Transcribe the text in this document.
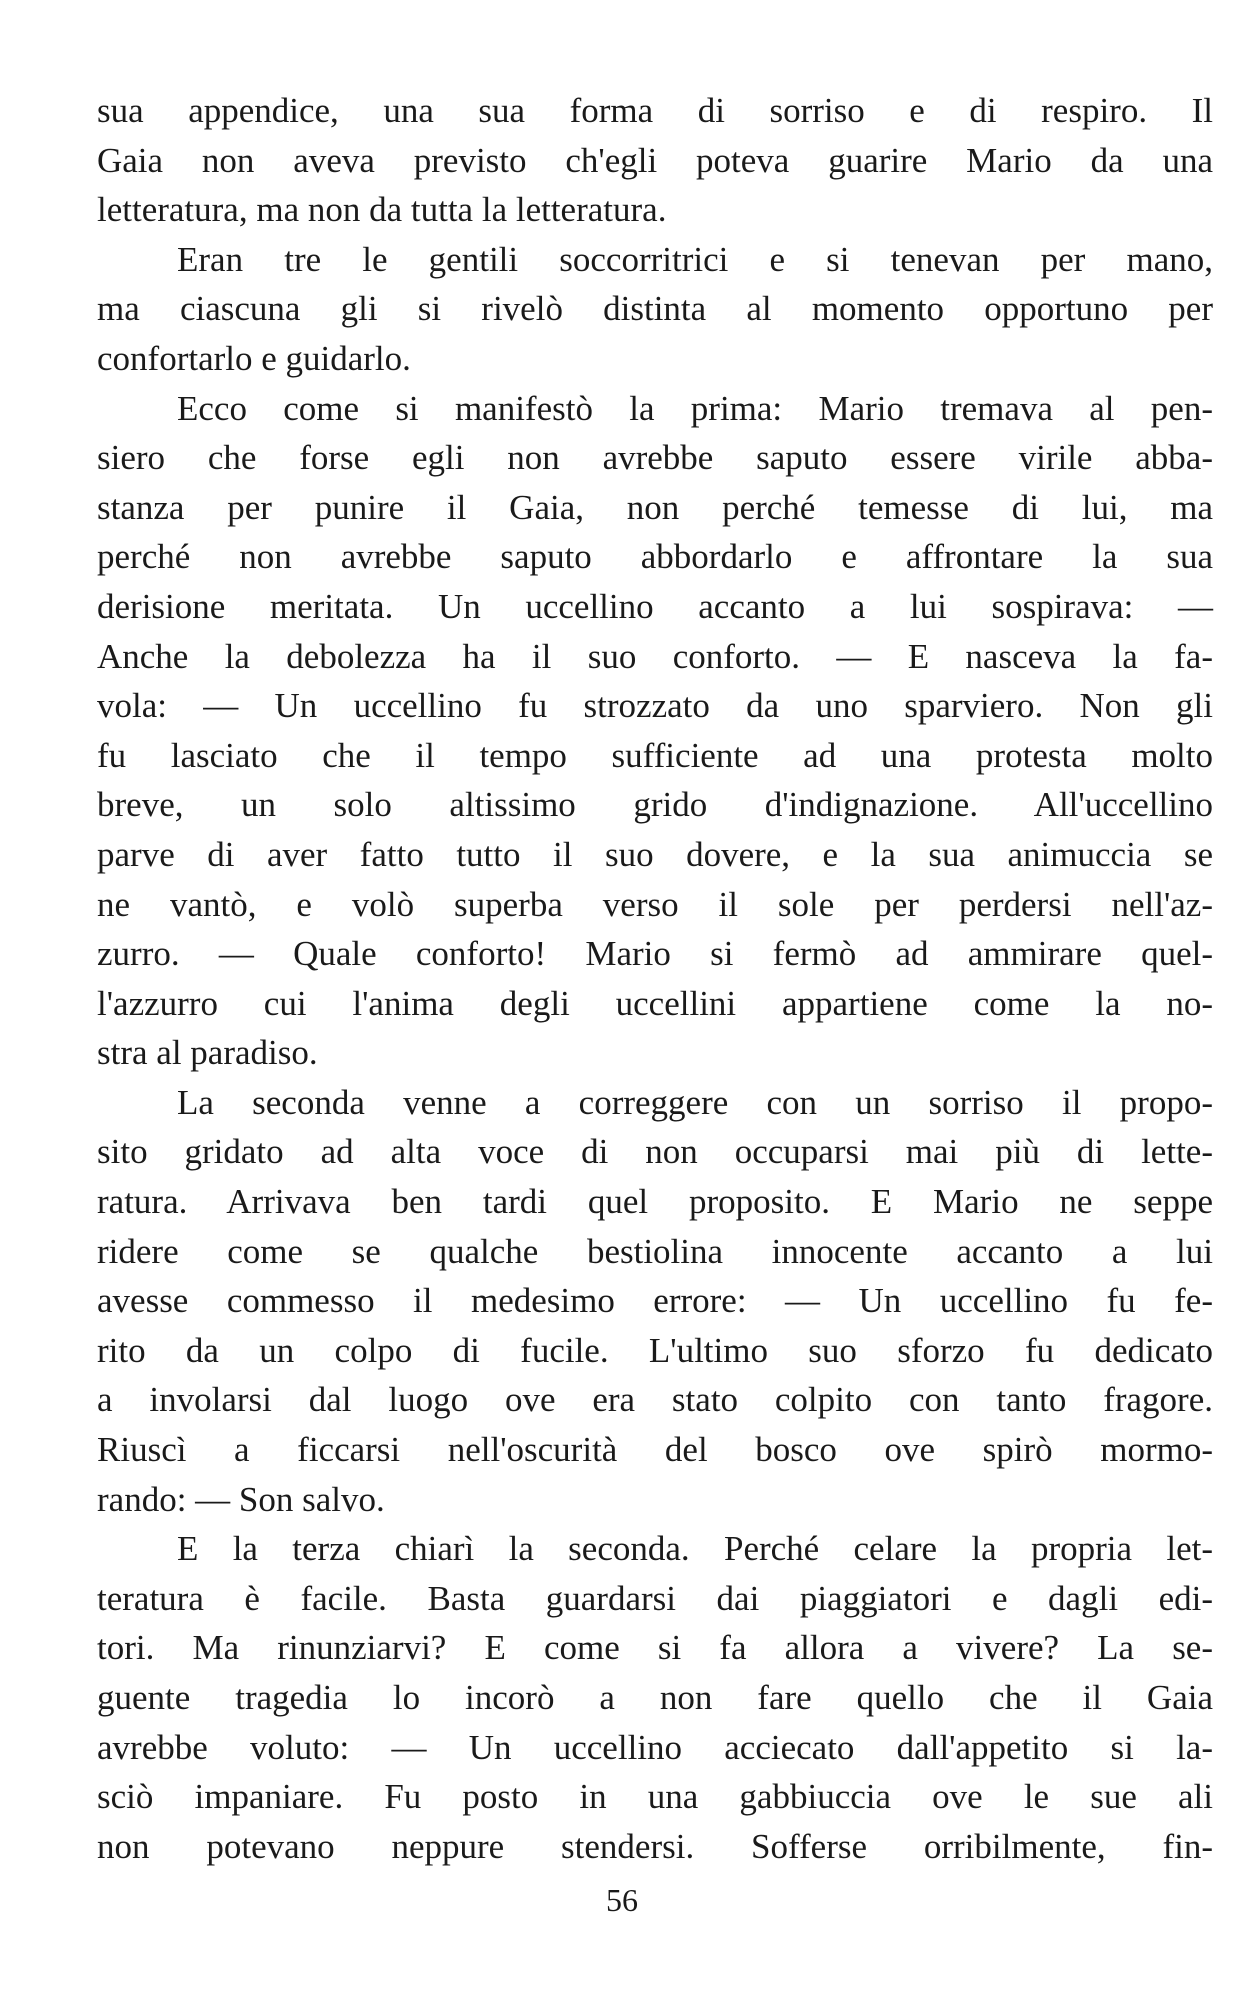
sua appendice, una sua forma di sorriso e di respiro. Il
Gaia non aveva previsto ch'egli poteva guarire Mario da una
letteratura, ma non da tutta la letteratura.
Eran tre le gentili soccorritrici e si tenevan per mano,
ma ciascuna gli si rivelò distinta al momento opportuno per
confortarlo e guidarlo.
Ecco come si manifestò la prima: Mario tremava al pen-
siero che forse egli non avrebbe saputo essere virile abba-
stanza per punire il Gaia, non perché temesse di lui, ma
perché non avrebbe saputo abbordarlo e affrontare la sua
derisione meritata. Un uccellino accanto a lui sospirava: —
Anche la debolezza ha il suo conforto. — E nasceva la fa-
vola: — Un uccellino fu strozzato da uno sparviero. Non gli
fu lasciato che il tempo sufficiente ad una protesta molto
breve, un solo altissimo grido d'indignazione. All'uccellino
parve di aver fatto tutto il suo dovere, e la sua animuccia se
ne vantò, e volò superba verso il sole per perdersi nell'az-
zurro. — Quale conforto! Mario si fermò ad ammirare quel-
l'azzurro cui l'anima degli uccellini appartiene come la no-
stra al paradiso.
La seconda venne a correggere con un sorriso il propo-
sito gridato ad alta voce di non occuparsi mai più di lette-
ratura. Arrivava ben tardi quel proposito. E Mario ne seppe
ridere come se qualche bestiolina innocente accanto a lui
avesse commesso il medesimo errore: — Un uccellino fu fe-
rito da un colpo di fucile. L'ultimo suo sforzo fu dedicato
a involarsi dal luogo ove era stato colpito con tanto fragore.
Riuscì a ficcarsi nell'oscurità del bosco ove spirò mormo-
rando: — Son salvo.
E la terza chiarì la seconda. Perché celare la propria let-
teratura è facile. Basta guardarsi dai piaggiatori e dagli edi-
tori. Ma rinunziarvi? E come si fa allora a vivere? La se-
guente tragedia lo incorò a non fare quello che il Gaia
avrebbe voluto: — Un uccellino acciecato dall'appetito si la-
sciò impaniare. Fu posto in una gabbiuccia ove le sue ali
non potevano neppure stendersi. Sofferse orribilmente, fin-
56
